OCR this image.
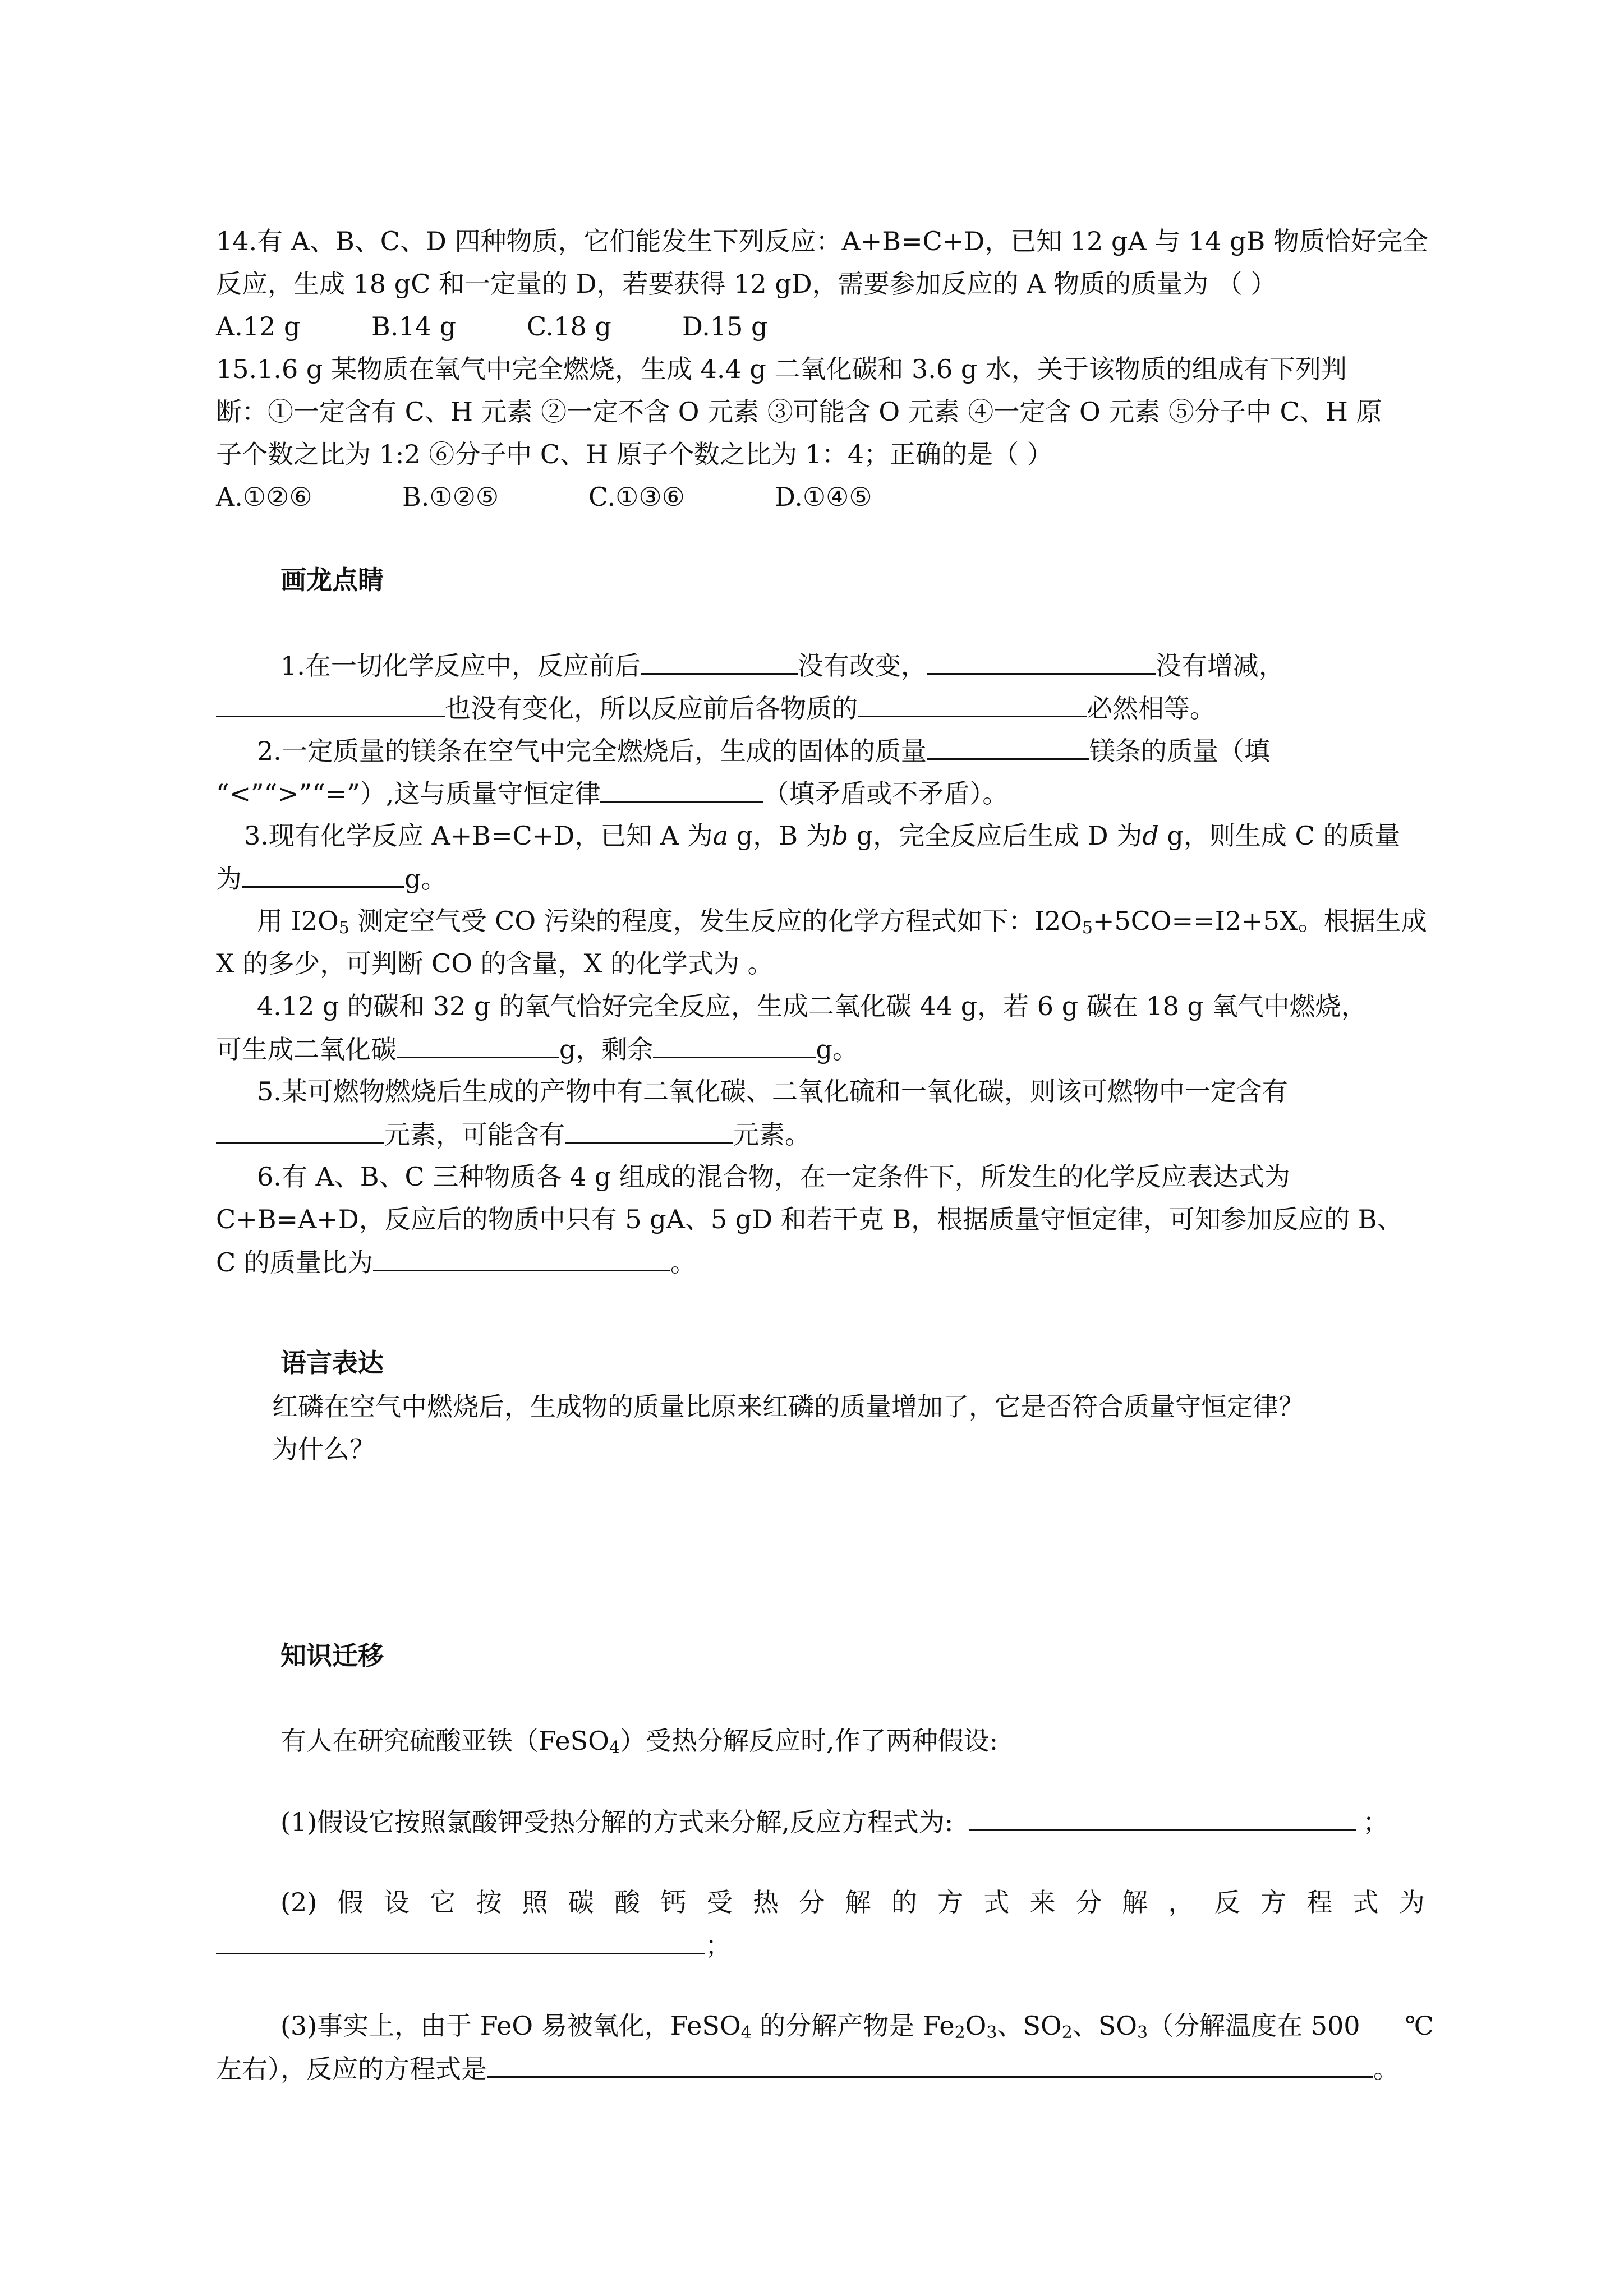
14.有 A、B、C、D 四种物质，它们能发生下列反应：A+B=C+D，已知 12 gA 与 14 gB 物质恰好完全
反应，生成 18 gC 和一定量的 D，若要获得 12 gD，需要参加反应的 A 物质的质量为 （ ）
A.12 g	B.14 g	C.18 g	D.15 g
15.1.6 g 某物质在氧气中完全燃烧，生成 4.4 g 二氧化碳和 3.6 g 水，关于该物质的组成有下列判
断：①一定含有 C、H 元素 ②一定不含 O 元素 ③可能含 O 元素 ④一定含 O 元素 ⑤分子中 C、H 原
子个数之比为 1:2 ⑥分子中 C、H 原子个数之比为 1：4；正确的是（ ）
A.①②⑥	B.①②⑤	C.①③⑥	D.①④⑤
画龙点睛
1.在一切化学反应中，反应前后	没有改变，	没有增减，
也没有变化，所以反应前后各物质的	必然相等。
2.一定质量的镁条在空气中完全燃烧后，生成的固体的质量	镁条的质量（填
“<”“>”“=”）,这与质量守恒定律	（填矛盾或不矛盾）。
3.现有化学反应 A+B=C+D，已知 A 为a g，B 为b g，完全反应后生成 D 为d g，则生成 C 的质量
为	g。
用 $I2O_5$ 测定空气受 CO 污染的程度，发生反应的化学方程式如下：$I2O_5+5CO==I2+5X$。根据生成
X 的多少，可判断 CO 的含量，X 的化学式为 。
4.12 g 的碳和 32 g 的氧气恰好完全反应，生成二氧化碳 44 g，若 6 g 碳在 18 g 氧气中燃烧，
可生成二氧化碳	g，剩余	g。
5.某可燃物燃烧后生成的产物中有二氧化碳、二氧化硫和一氧化碳，则该可燃物中一定含有
元素，可能含有	元素。
6.有 A、B、C 三种物质各 4 g 组成的混合物，在一定条件下，所发生的化学反应表达式为
C+B=A+D，反应后的物质中只有 5 gA、5 gD 和若干克 B，根据质量守恒定律，可知参加反应的 B、
C 的质量比为	。
语言表达
红磷在空气中燃烧后，生成物的质量比原来红磷的质量增加了，它是否符合质量守恒定律？
为什么？
知识迁移
有人在研究硫酸亚铁（FeSO$_4$）受热分解反应时,作了两种假设:
(1)假设它按照氯酸钾受热分解的方式来分解,反应方程式为:	；
(2) 假 设 它 按 照 碳 酸 钙 受 热 分 解 的 方 式 来 分 解 ， 反 方 程 式 为
；
(3)事实上，由于 FeO 易被氧化，FeSO$_4$ 的分解产物是 $Fe_2O_3$、$SO_2$、$SO_3$（分解温度在 500 ℃
左右），反应的方程式是	。
